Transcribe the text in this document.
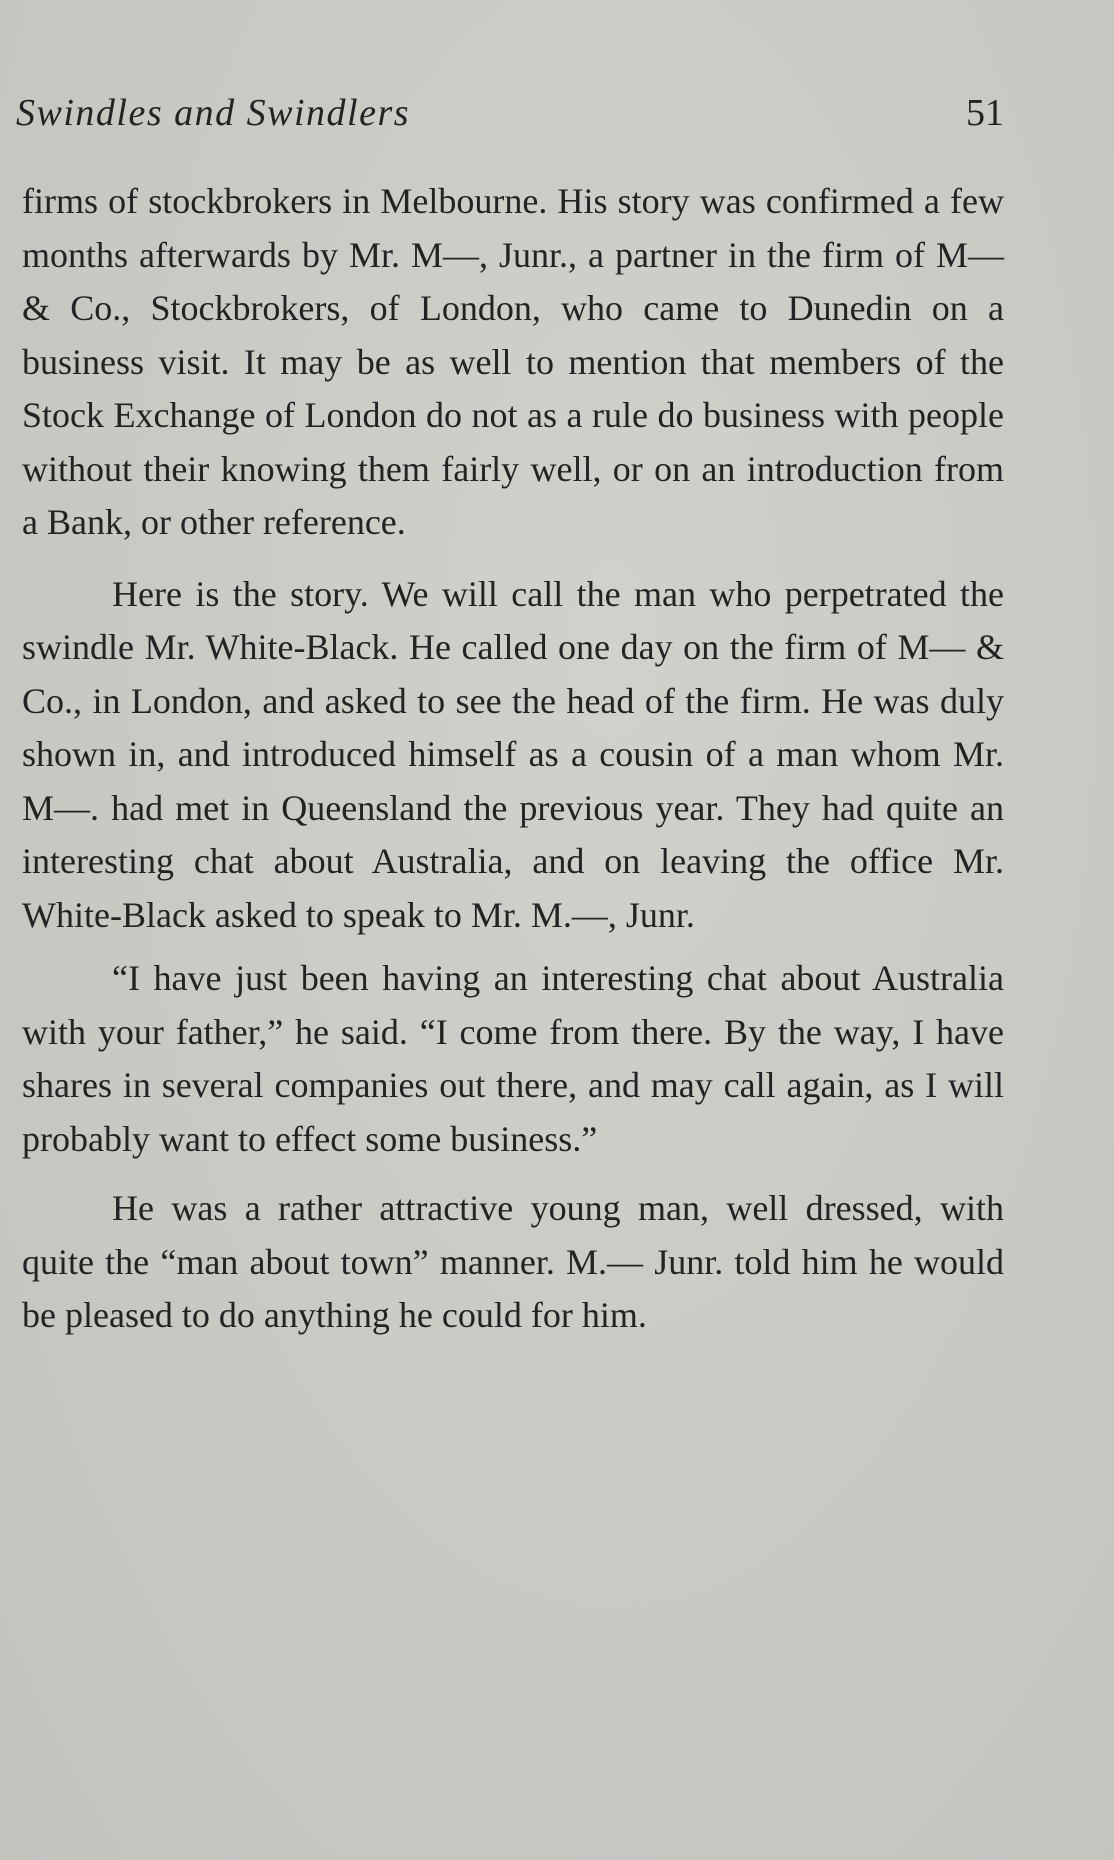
Swindles and Swindlers	51

firms of stockbrokers in Melbourne. His story was confirmed a few months afterwards by Mr. M—, Junr., a partner in the firm of M— & Co., Stockbrokers, of London, who came to Dunedin on a business visit. It may be as well to mention that members of the Stock Exchange of London do not as a rule do business with people without their knowing them fairly well, or on an introduction from a Bank, or other reference.

Here is the story. We will call the man who perpetrated the swindle Mr. White-Black. He called one day on the firm of M— & Co., in London, and asked to see the head of the firm. He was duly shown in, and introduced himself as a cousin of a man whom Mr. M—. had met in Queensland the previous year. They had quite an interesting chat about Australia, and on leaving the office Mr. White-Black asked to speak to Mr. M.—, Junr.

“I have just been having an interesting chat about Australia with your father,” he said. “I come from there. By the way, I have shares in several companies out there, and may call again, as I will probably want to effect some business.”

He was a rather attractive young man, well dressed, with quite the “man about town” manner. M.— Junr. told him he would be pleased to do anything he could for him.
